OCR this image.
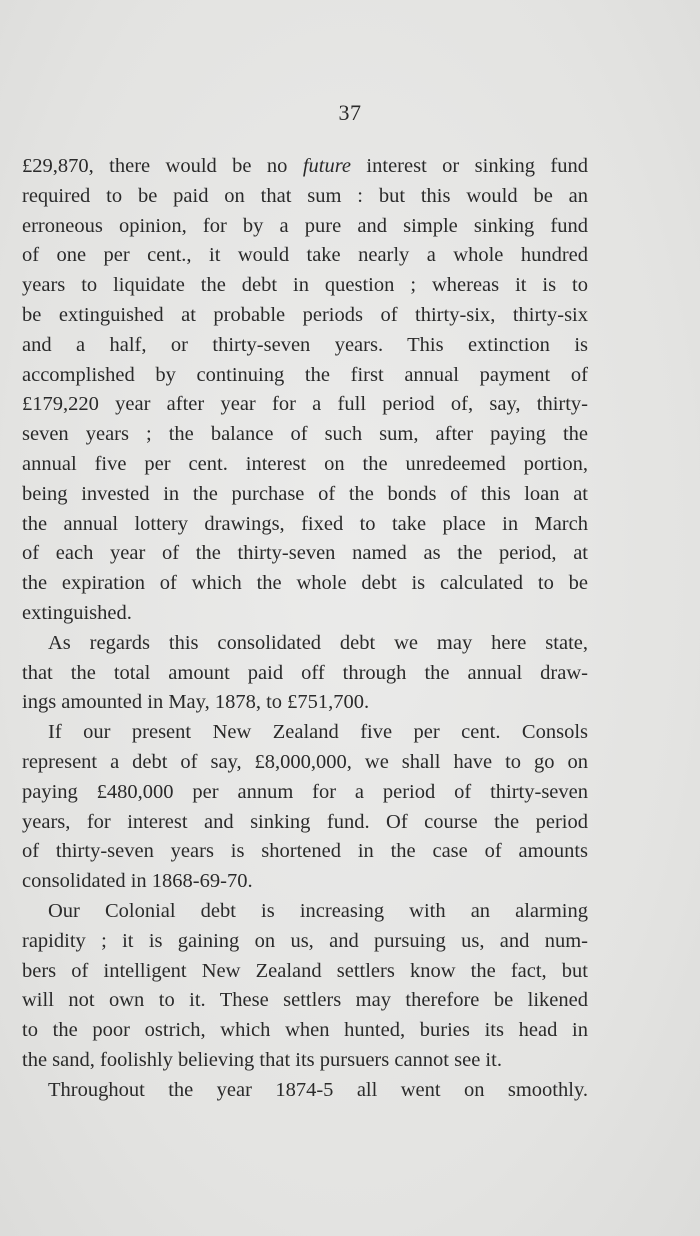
37

£29,870, there would be no future interest or sinking fund
required to be paid on that sum : but this would be an
erroneous opinion, for by a pure and simple sinking fund
of one per cent., it would take nearly a whole hundred
years to liquidate the debt in question ; whereas it is to
be extinguished at probable periods of thirty-six, thirty-six
and a half, or thirty-seven years. This extinction is
accomplished by continuing the first annual payment of
£179,220 year after year for a full period of, say, thirty-
seven years ; the balance of such sum, after paying the
annual five per cent. interest on the unredeemed portion,
being invested in the purchase of the bonds of this loan at
the annual lottery drawings, fixed to take place in March
of each year of the thirty-seven named as the period, at
the expiration of which the whole debt is calculated to be
extinguished.

As regards this consolidated debt we may here state,
that the total amount paid off through the annual draw-
ings amounted in May, 1878, to £751,700.

If our present New Zealand five per cent. Consols
represent a debt of say, £8,000,000, we shall have to go on
paying £480,000 per annum for a period of thirty-seven
years, for interest and sinking fund. Of course the period
of thirty-seven years is shortened in the case of amounts
consolidated in 1868-69-70.

Our Colonial debt is increasing with an alarming
rapidity ; it is gaining on us, and pursuing us, and num-
bers of intelligent New Zealand settlers know the fact, but
will not own to it. These settlers may therefore be likened
to the poor ostrich, which when hunted, buries its head in
the sand, foolishly believing that its pursuers cannot see it.

Throughout the year 1874-5 all went on smoothly.
